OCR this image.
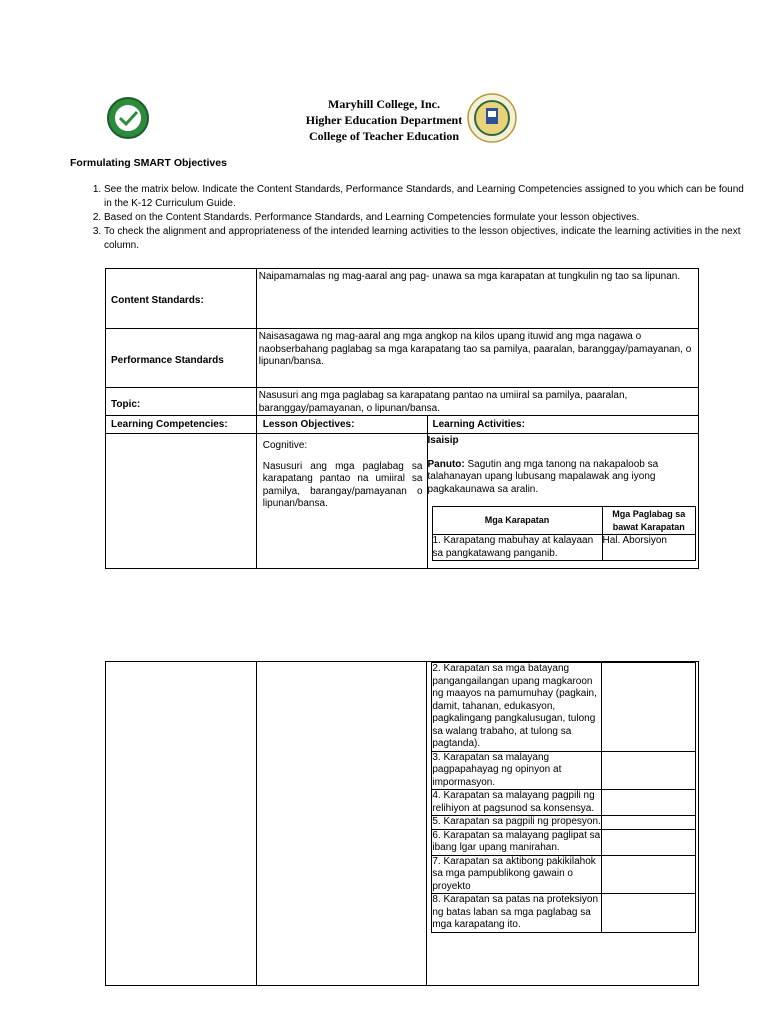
Maryhill College, Inc.
Higher Education Department
College of Teacher Education
Formulating SMART Objectives
1. See the matrix below. Indicate the Content Standards, Performance Standards, and Learning Competencies assigned to you which can be found in the K-12 Curriculum Guide.
2. Based on the Content Standards. Performance Standards, and Learning Competencies formulate your lesson objectives.
3. To check the alignment and appropriateness of the intended learning activities to the lesson objectives, indicate the learning activities in the next column.
Content Standards:	Naipamamalas ng mag-aaral ang pag- unawa sa mga karapatan at tungkulin ng tao sa lipunan.
Performance Standards	Naisasagawa ng mag-aaral ang mga angkop na kilos upang ituwid ang mga nagawa o naobserbahang paglabag sa mga karapatang tao sa pamilya, paaralan, baranggay/pamayanan, o lipunan/bansa.
Topic:	Nasusuri ang mga paglabag sa karapatang pantao na umiiral sa pamilya, paaralan, baranggay/pamayanan, o lipunan/bansa.
Learning Competencies:	Lesson Objectives:	Learning Activities:

Cognitive:
Nasusuri ang mga paglabag sa karapatang pantao na umiiral sa pamilya, barangay/pamayanan o lipunan/bansa.

Isaisip
Panuto: Sagutin ang mga tanong na nakapaloob sa talahanayan upang lubusang mapalawak ang iyong pagkakaunawa sa aralin.
Mga Karapatan	Mga Paglabag sa bawat Karapatan
1. Karapatang mabuhay at kalayaan sa pangkatawang panganib.	Hal. Aborsiyon

2. Karapatan sa mga batayang pangangailangan upang magkaroon ng maayos na pamumuhay (pagkain, damit, tahanan, edukasyon, pagkalingang pangkalusugan, tulong sa walang trabaho, at tulong sa pagtanda).	
3. Karapatan sa malayang pagpapahayag ng opinyon at impormasyon.	
4. Karapatan sa malayang pagpili ng relihiyon at pagsunod sa konsensya.	
5. Karapatan sa pagpili ng propesyon.	
6. Karapatan sa malayang paglipat sa ibang lgar upang manirahan.	
7. Karapatan sa aktibong pakikilahok sa mga pampublikong gawain o proyekto	
8. Karapatan sa patas na proteksiyon ng batas laban sa mga paglabag sa mga karapatang ito.	
